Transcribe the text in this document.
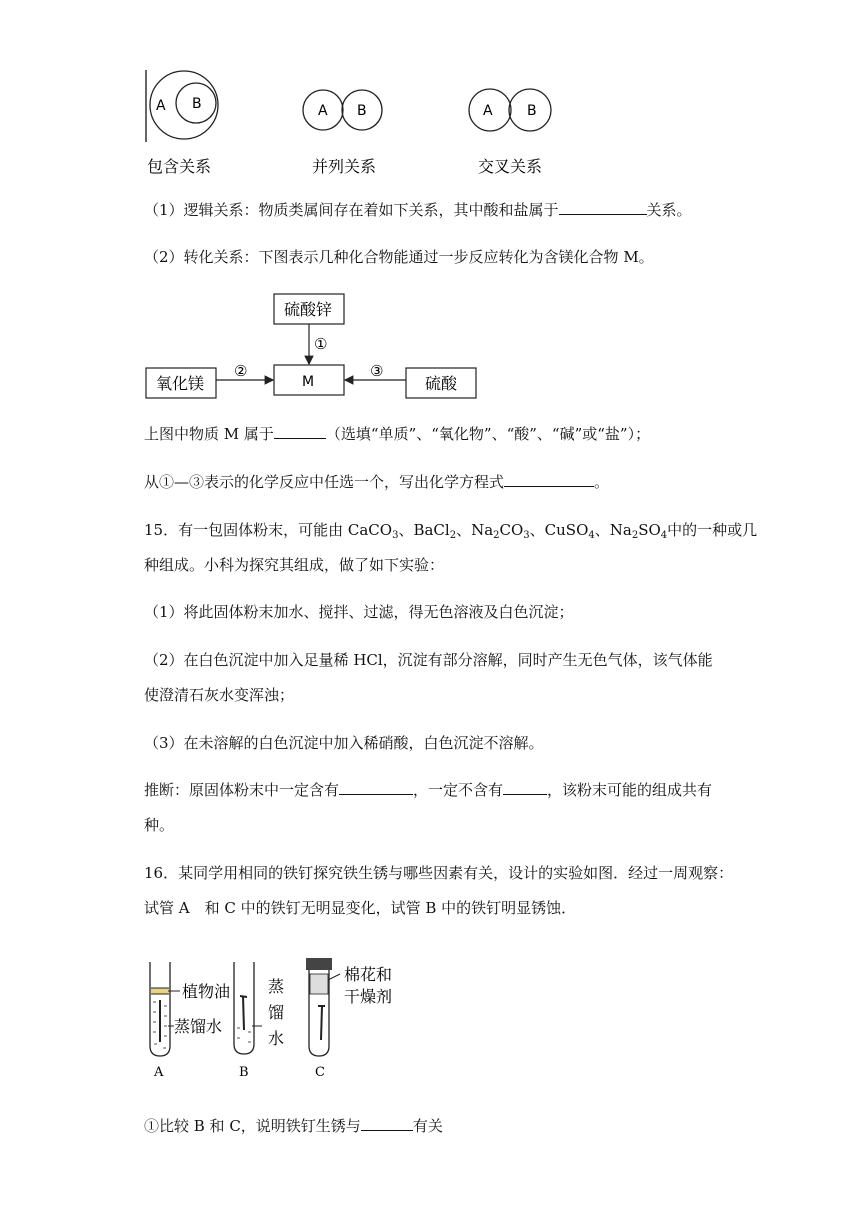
A B	A B	A B
包含关系	并列关系	交叉关系
（1）逻辑关系：物质类属间存在着如下关系，其中酸和盐属于	关系。
（2）转化关系：下图表示几种化合物能通过一步反应转化为含镁化合物 M。
硫酸锌
氧化镁	M	硫酸
①
②	③
上图中物质 M 属于	（选填“单质”、“氧化物”、“酸”、“碱”或“盐”）；
从①—③表示的化学反应中任选一个，写出化学方程式	。
15．有一包固体粉末，可能由 CaCO$_3$、BaCl$_2$、$Na_2CO_3$、CuSO$_4$、$Na_2SO_4$中的一种或几
种组成。小科为探究其组成，做了如下实验：
（1）将此固体粉末加水、搅拌、过滤，得无色溶液及白色沉淀；
（2）在白色沉淀中加入足量稀 HCl，沉淀有部分溶解，同时产生无色气体，该气体能
使澄清石灰水变浑浊；
（3）在未溶解的白色沉淀中加入稀硝酸，白色沉淀不溶解。
推断：原固体粉末中一定含有	，一定不含有	，该粉末可能的组成共有
种。
16．某同学用相同的铁钉探究铁生锈与哪些因素有关，设计的实验如图．经过一周观察：
试管 A　和 C 中的铁钉无明显变化，试管 B 中的铁钉明显锈蚀．
植物油
蒸馏水
A
蒸
馏
水
B
棉花和
干燥剂
C
①比较 B 和 C，说明铁钉生锈与	有关
